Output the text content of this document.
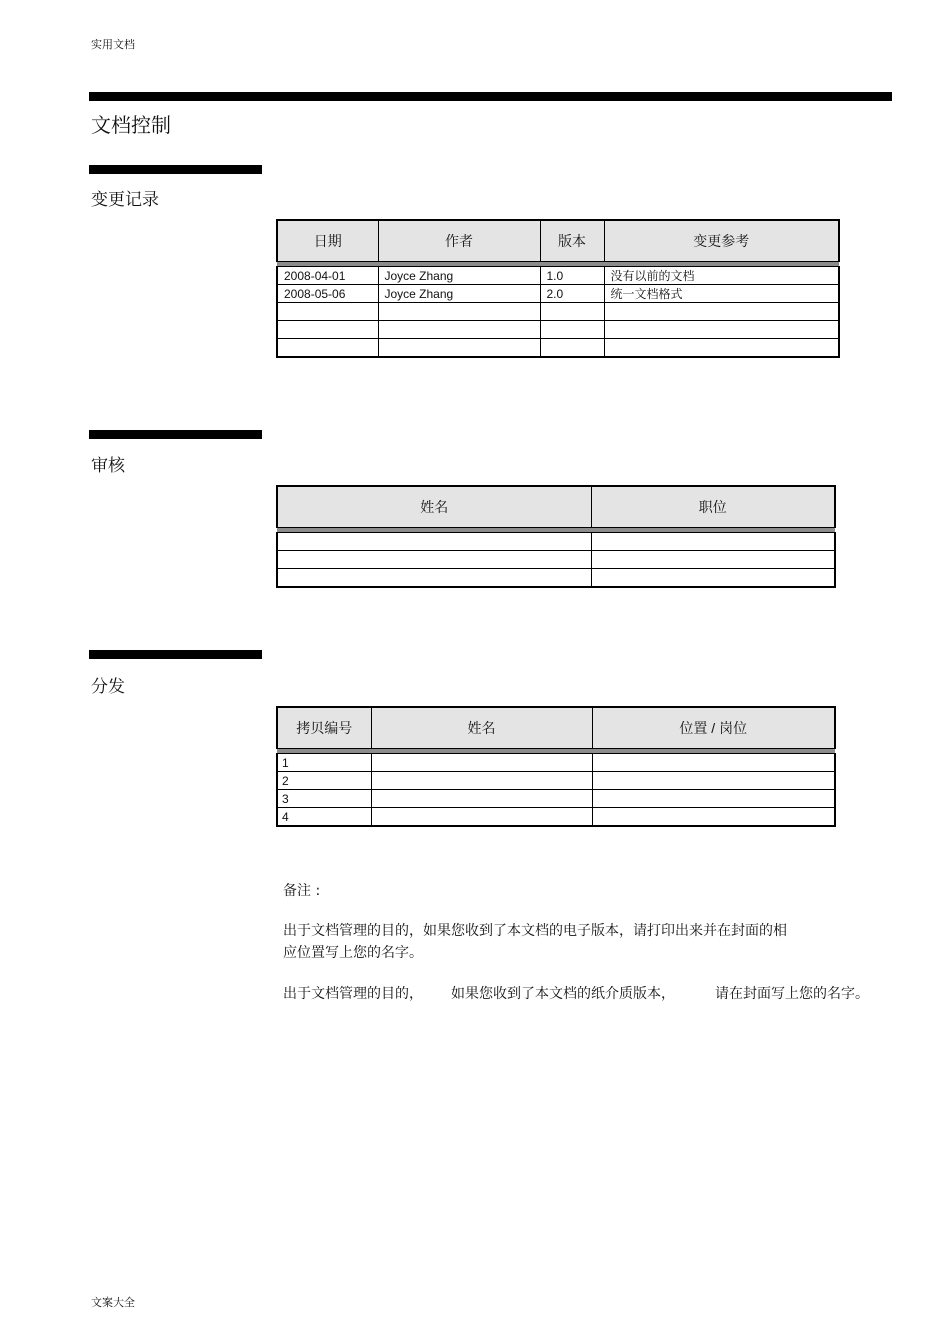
实用文档
文档控制
变更记录
日期	作者	版本	变更参考

2008-04-01	Joyce Zhang	1.0	没有以前的文档
2008-05-06	Joyce Zhang	2.0	统一文档格式

审核
姓名	职位

分发
拷贝编号	姓名	位置 / 岗位

1		
2		
3		
4		
备注 :
出于文档管理的目的，如果您收到了本文档的电子版本，请打印出来并在封面的相
应位置写上您的名字。
出于文档管理的目的， 如果您收到了本文档的纸介质版本，	请在封面写上您的名字。
文案大全
